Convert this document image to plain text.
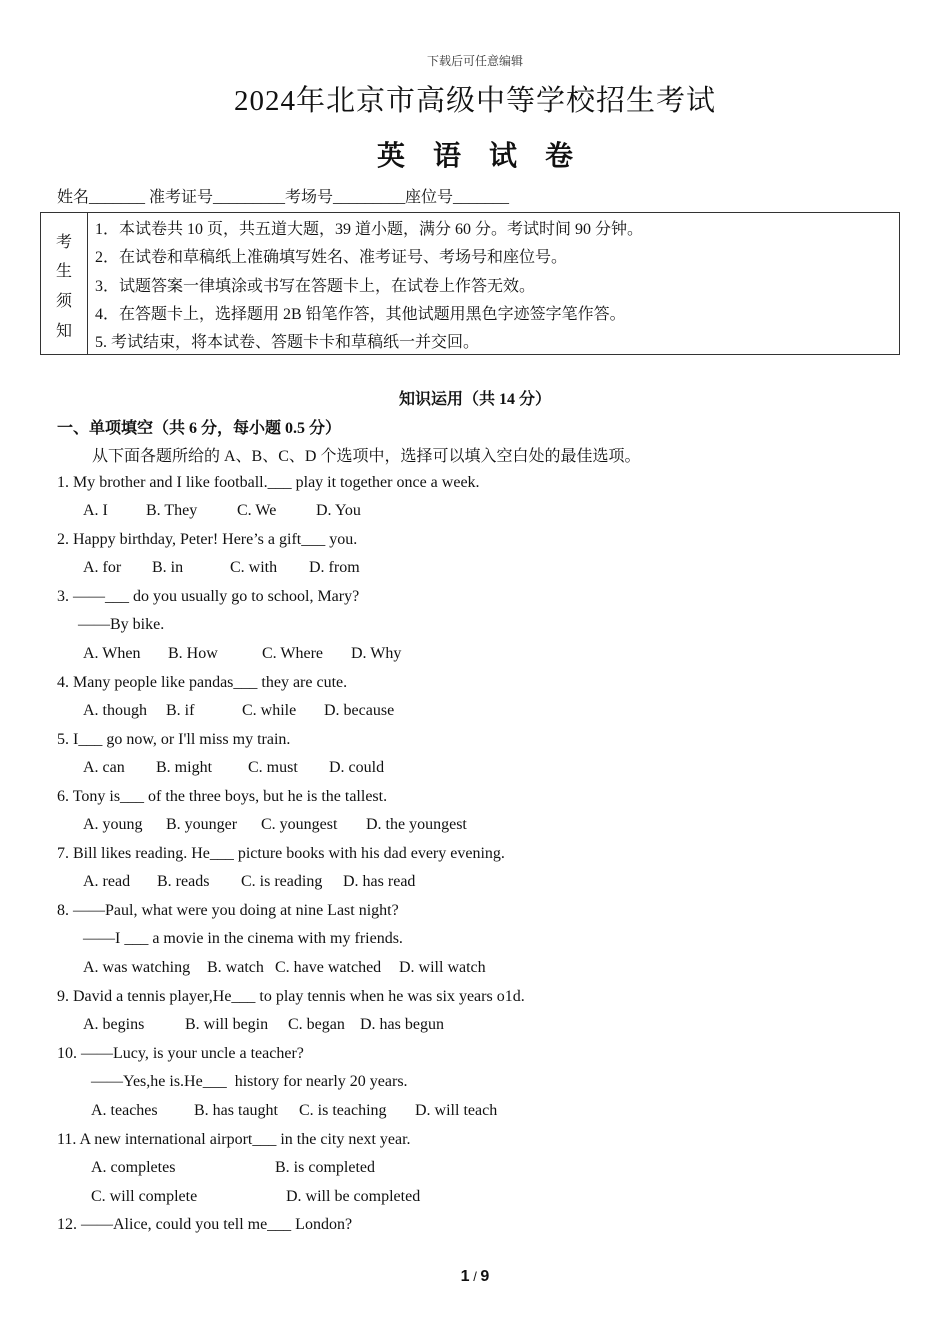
下载后可任意编辑
2024年北京市高级中等学校招生考试
英语试卷
姓名_______ 准考证号_________考场号_________座位号_______
考
生
须
知
1．本试卷共 10 页，共五道大题，39 道小题，满分 60 分。考试时间 90 分钟。
2．在试卷和草稿纸上准确填写姓名、准考证号、考场号和座位号。
3．试题答案一律填涂或书写在答题卡上，在试卷上作答无效。
4．在答题卡上，选择题用 2B 铅笔作答，其他试题用黑色字迹签字笔作答。
5. 考试结束，将本试卷、答题卡卡和草稿纸一并交回。
知识运用（共 14 分）
一、单项填空（共 6 分，每小题 0.5 分）
从下面各题所给的 A、B、C、D 个选项中，选择可以填入空白处的最佳选项。
1. My brother and I like football.___ play it together once a week.
A. I B. They C. We D. You
2. Happy birthday, Peter! Here’s a gift___ you.
A. for B. in	C. with D. from
3. ——___ do you usually go to school, Mary?
——By bike.
A. When B. How	C. Where D. Why
4. Many people like pandas___ they are cute.
A. though B. if	C. while D. because
5. I___ go now, or I'll miss my train.
A. can B. might C. must D. could
6. Tony is___ of the three boys, but he is the tallest.
A. young B. younger C. youngest D. the youngest
7. Bill likes reading. He___ picture books with his dad every evening.
A. read B. reads C. is reading D. has read
8. ——Paul, what were you doing at nine Last night?
——I ___ a movie in the cinema with my friends.
A. was watching B. watch C. have watched D. will watch
9. David a tennis player,He___ to play tennis when he was six years o1d.
A. begins	B. will begin C. began D. has begun
10. ——Lucy, is your uncle a teacher?
——Yes,he is.He___  history for nearly 20 years.
A. teaches B. has taught C. is teaching D. will teach
11. A new international airport___ in the city next year.
A. completes	B. is completed
C. will complete	D. will be completed
12. ——Alice, could you tell me___ London?
1 / 9
